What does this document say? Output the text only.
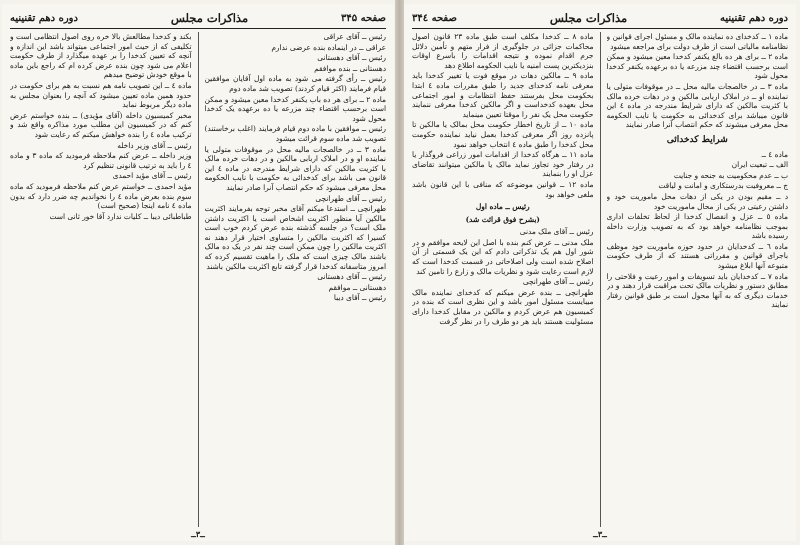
صفحه ۳۴۵
مذاکرات مجلس
دوره دهم تقنینیه

رئیس ــ آقای عراقی

عراقی ــ در اینماده بنده عرضی ندارم

رئیس ــ آقای دهستانی

دهستانی ــ بنده موافقم

رئیس ــ رأی گرفته می شود به ماده اول آقایان موافقین قیام فرمایند (اکثر قیام کردند) تصویب شد ماده دوم

ماده ۲ ــ برای هر ده باب یکنفر کدخدا معین میشود و ممکن است برحسب اقتضاء چند مزرعه یا ده برعهده یک کدخدا محول شود

رئیس ــ موافقین با ماده دوم قیام فرمایند (اغلب برخاستند) تصویب شد ماده سوم قرائت میشود

ماده ۳ ــ در خالصجات مالیه محل در موقوفات متولی یا نماینده او و در املاک اربابی مالکین و در دهات خرده مالک با کثریت مالکین که دارای شرایط مندرجه در ماده ٤ این قانون می باشد برای کدخدائی به حکومت با نایب الحکومه محل معرفی میشود که حکم انتصاب آنرا صادر نمایند

رئیس ــ آقای طهرانچی

طهرانچی ــ استدعا میکنم آقای مخبر توجه بفرمایند اکثریت مالکین آیا منظور اکثریت اشخاص است یا اکثریت داشتن ملک است؟ در جلسه گذشته بنده عرض کردم خوب است کسیرا که اکثریت مالکین را متساوی اختیار قرار دهند نه اکثریت مالکین را چون ممکن است چند نفر در یک ده مالک باشند مالک چیزی است که ملک را ماهیت تقسیم کرده که امروز متاسفانه کدخدا قرار گرفته تابع اکثریت مالکین باشند

رئیس ــ آقای دهستانی

دهستانی ــ موافقم

رئیس ــ آقای دیبا

بکند و کدخدا مطالعش بالا خره روی اصول انتظامی است و تکلیفی که از حیث امور اجتماعی میتواند باشد این اندازه و آنچه که تعیین کدخدا را بر عهده میگذارد از طرف حکومت اعلام می شود چون بنده عرض کرده ام که راجع باین ماده با موقع خودش توضیح میدهم

ماده ٤ ــ این تصویب نامه هم نسبت به هم برای حکومت در حدود همین ماده تعیین میشود که آنچه را بعنوان مجلس به ماده دیگر مربوط نماید

مخبر کمیسیون داخله (آقای مؤیدی) ــ بنده خواستم عرض کنم که در کمیسیون این مطلب مورد مذاکره واقع شد و ترکیب ماده ٤ را بنده خواهش میکنم که رعایت شود

رئیس ــ آقای وزیر داخله

وزیر داخله ــ عرض کنم ملاحظه فرمودید که ماده ۳ و ماده ٤ را باید به ترتیب قانونی تنظیم کرد

رئیس ــ آقای مؤید احمدی

مؤید احمدی ــ خواستم عرض کنم ملاحظه فرمودید که ماده سوم بنده بعرض ماده ٤ را نخواندیم چه ضرر دارد که بدون ماده ٤ نامه اینجا (صحیح است)

طباطبائی دیبا ــ کلیات ندارد آقا خور ثانی است

ــ۳ــ
دوره دهم تقنینیه
مذاکرات مجلس
صفحه ۳۴٤

ماده ۱ ــ کدخدای ده نماینده مالک و مسئول اجرای قوانین و نظامنامه مالیاتی است از طرف دولت برای مراجعه میشود

ماده ۲ ــ برای هر ده بالغ یکنفر کدخدا معین میشود و ممکن است برحسب اقتضاء چند مزرعه یا ده برعهده یکنفر کدخدا محول شود

ماده ۳ ــ در خالصجات مالیه محل ــ در موقوفات متولی یا نماینده او ــ در املاک اربابی مالکین و در دهات خرده مالک با کثریت مالکین که دارای شرایط مندرجه در ماده ٤ این قانون میباشد برای کدخدائی به حکومت یا نایب الحکومه محل معرفی میشوند که حکم انتصاب آنرا صادر نمایند

شرایط کدخدائی

ماده ٤ ــ

الف ــ تبعیت ایران

ب ــ عدم محکومیت به جنحه و جنایت

ج ــ معروفیت بدرستکاری و امانت و لیاقت

د ــ مقیم بودن در یکی از دهات محل ماموریت خود و داشتن رعیتی در یکی از محال ماموریت خود

ماده ٥ ــ عزل و انفصال کدخدا از لحاظ تخلفات اداری بموجب نظامنامه خواهد بود که به تصویب وزارت داخله رسیده باشد

ماده ٦ ــ کدخدایان در حدود حوزه ماموریت خود موظف باجرای قوانین و مقرراتی هستند که از طرف حکومت متبوعه آنها ابلاغ میشود

ماده ۷ ــ کدخدایان باید تسویفات و امور رعیت و فلاحتی را مطابق دستور و نظریات مالک تحت مراقبت قرار دهند و در خدمات دیگری که به آنها محول است بر طبق قوانین رفتار نمایند

ماده ۸ ــ کدخدا مکلف است طبق ماده ۲۳ قانون اصول محاکمات جزائی در جلوگیری از فرار متهم و تأمین دلائل جرم اقدام نموده و نتیجه اقدامات را باسرع اوقات بنزدیکترین پست امنیه یا نایب الحکومه اطلاع دهد

ماده ۹ ــ مالکین دهات در موقع فوت یا تغییر کدخدا باید معرفی نامه کدخدای جدید را طبق مقررات ماده ٤ ابتدا بحکومت محل بفرستند حفظ انتظامات و امور اجتماعی محل بعهده کدخداست و اگر مالکین کدخدا معرفی ننمایند حکومت محل یک نفر را موقتا تعیین مینماید

ماده ۱۰ ــ از تاریخ اخطار حکومت محل بمالک یا مالکین تا پانزده روز اگر معرفی کدخدا بعمل نیاید نماینده حکومت محل کدخدا را طبق ماده ٤ انتخاب خواهد نمود

ماده ۱۱ ــ هرگاه کدخدا از اقدامات امور زراعی فروگذار یا در رفتار خود تجاوز نماید مالک یا مالکین میتوانند تقاضای عزل او را بنمایند

ماده ۱۲ ــ قوانین موضوعه که منافی با این قانون باشد ملغی خواهد بود

رئیس ــ ماده اول

(بشرح فوق قرائت شد)

رئیس ــ آقای ملک مدنی

ملک مدنی ــ عرض کنم بنده با اصل این لایحه موافقم و در شور اول هم یک تذکراتی دادم که این یک قسمتی از آن اصلاح شده است ولی اصلاحاتی در قسمت کدخدا است که لازم است رعایت شود و نظریات مالک و زارع را تامین کند

رئیس ــ آقای طهرانچی

طهرانچی ــ بنده عرض میکنم که کدخدای نماینده مالک میبایست مسئول امور باشد و این نظری است که بنده در کمیسیون هم عرض کردم و مالکین در مقابل کدخدا دارای مسئولیت هستند باید هر دو طرف را در نظر گرفت

ــ۳ــ
